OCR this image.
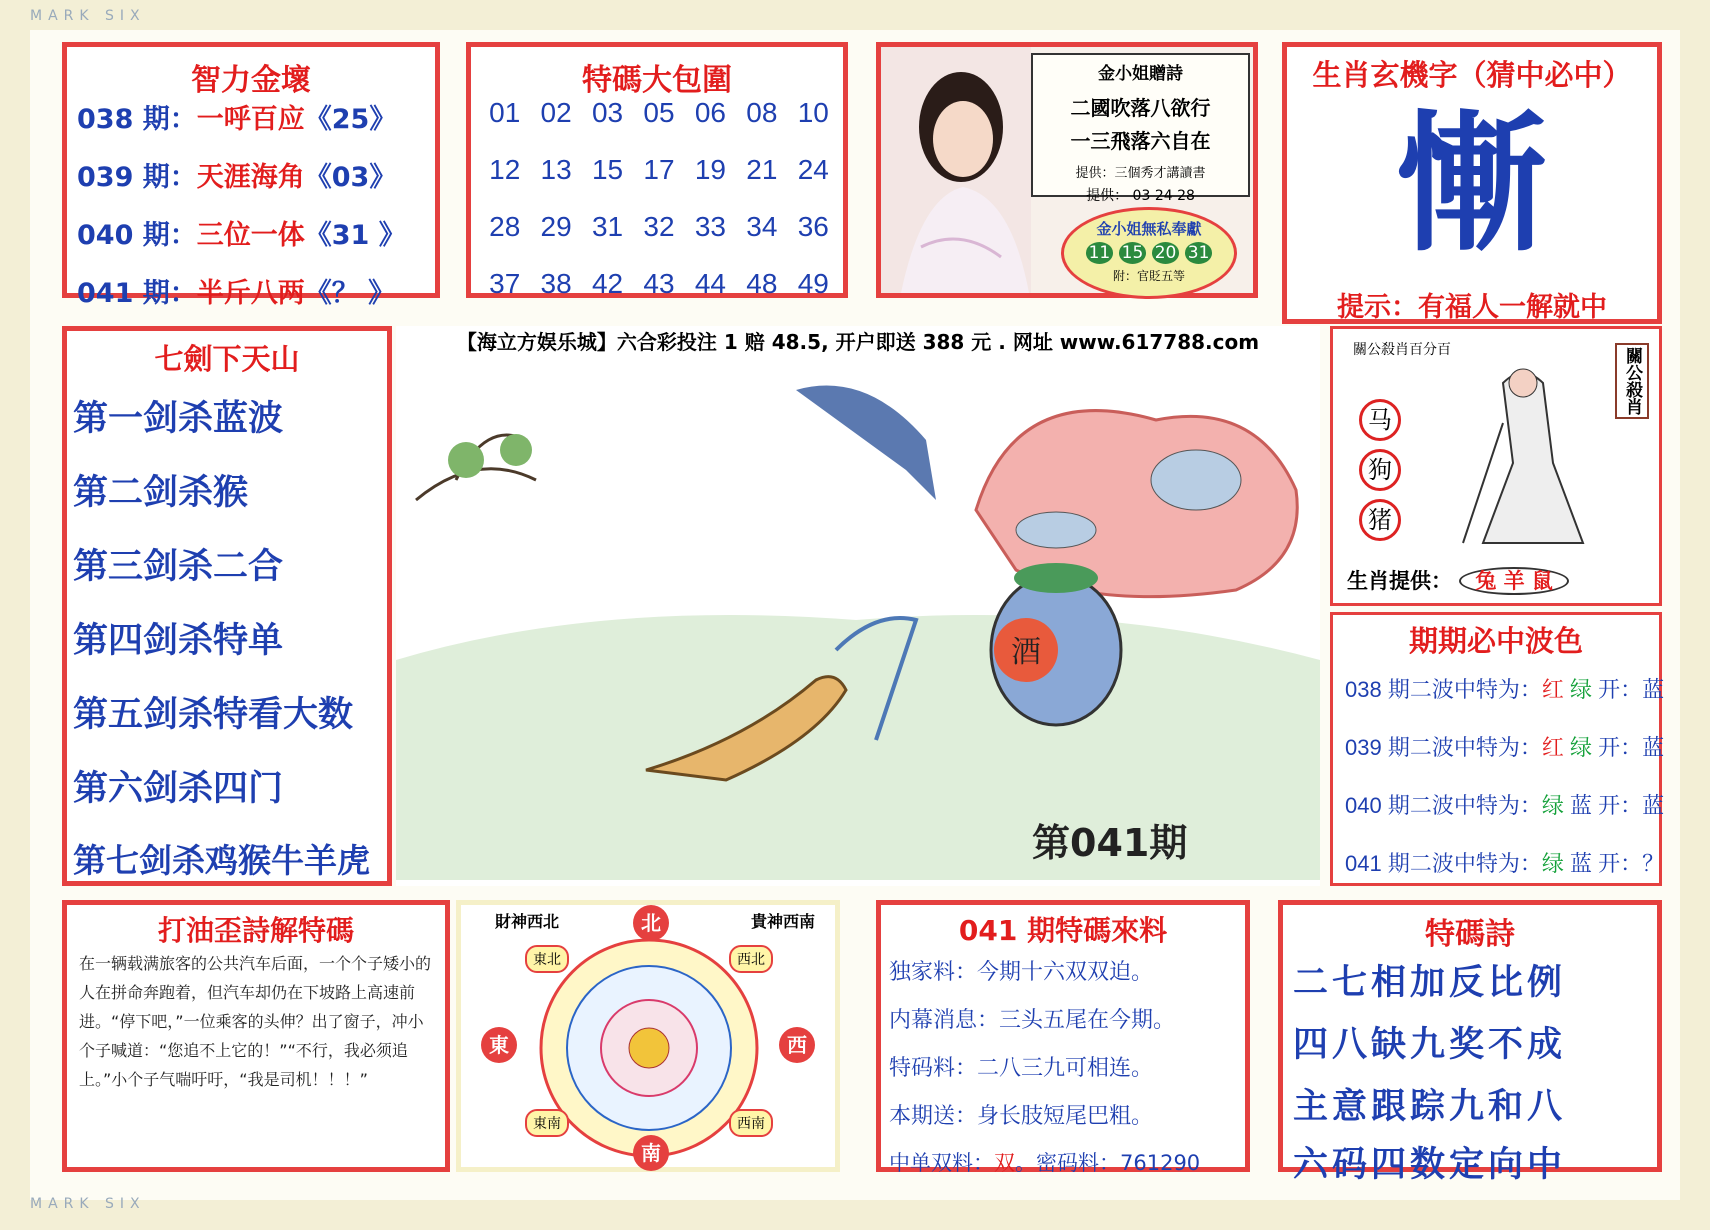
MARK SIX
MARK SIX
智力金壞
038 期：一呼百应《25》
039 期：天涯海角《03》
040 期：三位一体《31 》
041 期：半斤八两《？ 》
特碼大包圍
01 02 03 05 06 08 10
12 13 15 17 19 21 24
28 29 31 32 33 34 36
37 38 42 43 44 48 49
金小姐贈詩
二國吹落八欲行
一三飛落六自在
提供：三個秀才講讀書
提供： 03 24 28
金小姐無私奉獻
11 15 20 31
附：官貶五等
生肖玄機字（猜中必中）
慚
提示：有福人一解就中
七劍下天山
第一剑杀蓝波
第二剑杀猴
第三剑杀二合
第四剑杀特单
第五剑杀特看大数
第六剑杀四门
第七剑杀鸡猴牛羊虎
【海立方娱乐城】六合彩投注 1 赔 48.5, 开户即送 388 元 . 网址 www.617788.com
酒
第041期
關公殺肖百分百	關公殺肖
马
狗
猪
生肖提供： 兔 羊 鼠
期期必中波色
038 期二波中特为：红 绿 开：蓝
039 期二波中特为：红 绿 开：蓝
040 期二波中特为：绿 蓝 开：蓝
041 期二波中特为：绿 蓝 开：？
打油歪詩解特碼
在一辆载满旅客的公共汽车后面，一个个子矮小的人在拼命奔跑着，但汽车却仍在下坡路上高速前进。“停下吧，”一位乘客的头伸？出了窗子，冲小个子喊道：“您追不上它的！”“不行，我必须追上。”小个子气喘吁吁，“我是司机！！！”
財神西北	貴神西南
北
東	西
南
東北	西北
東南	西南
041 期特碼來料
独家料：今期十六双双迫。
内幕消息：三头五尾在今期。
特码料：二八三九可相连。
本期送：身长肢短尾巴粗。
中单双料：双。密码料：761290
特碼詩
二七相加反比例
四八缺九奖不成
主意跟踪九和八
六码四数定向中
